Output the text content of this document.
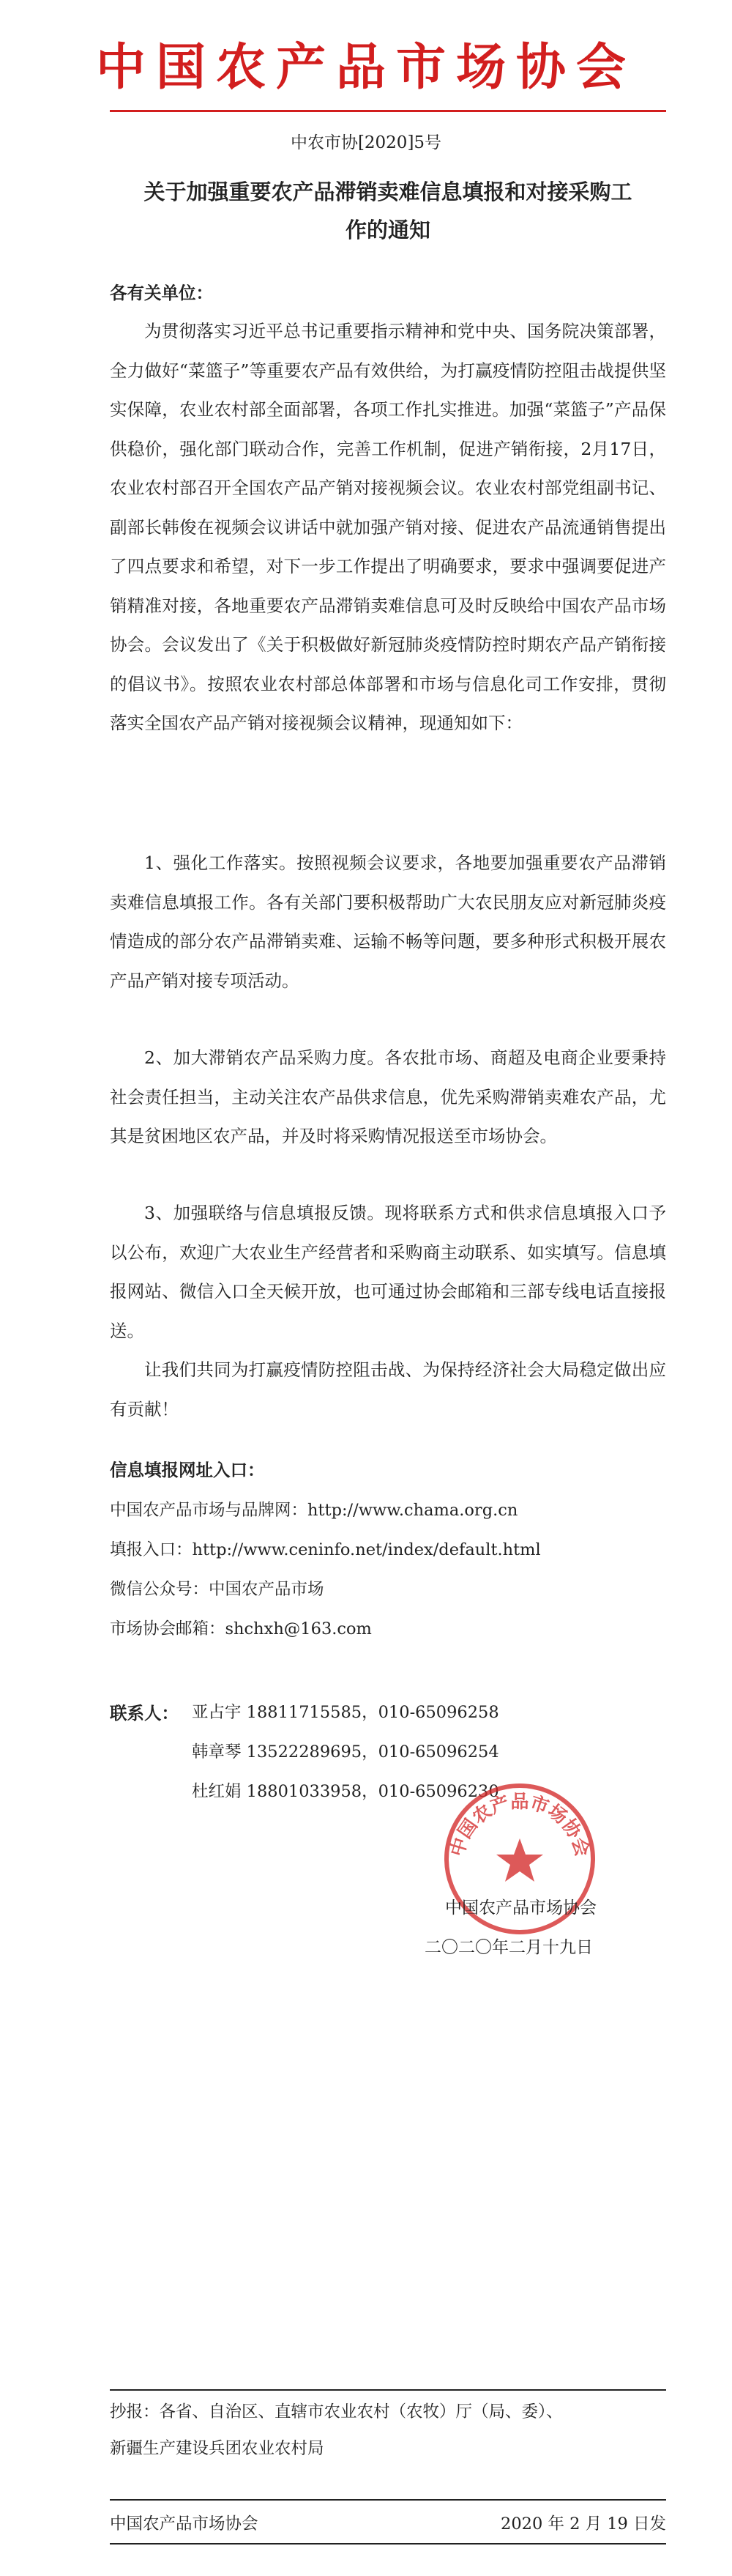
中国农产品市场协会
中农市协[2020]5号
关于加强重要农产品滞销卖难信息填报和对接采购工
作的通知
各有关单位：
为贯彻落实习近平总书记重要指示精神和党中央、国务院决策部署，全力做好“菜篮子”等重要农产品有效供给，为打赢疫情防控阻击战提供坚实保障，农业农村部全面部署，各项工作扎实推进。加强“菜篮子”产品保供稳价，强化部门联动合作，完善工作机制，促进产销衔接，2月17日，农业农村部召开全国农产品产销对接视频会议。农业农村部党组副书记、副部长韩俊在视频会议讲话中就加强产销对接、促进农产品流通销售提出了四点要求和希望，对下一步工作提出了明确要求，要求中强调要促进产销精准对接，各地重要农产品滞销卖难信息可及时反映给中国农产品市场协会。会议发出了《关于积极做好新冠肺炎疫情防控时期农产品产销衔接的倡议书》。按照农业农村部总体部署和市场与信息化司工作安排，贯彻落实全国农产品产销对接视频会议精神，现通知如下：
1、强化工作落实。按照视频会议要求，各地要加强重要农产品滞销卖难信息填报工作。各有关部门要积极帮助广大农民朋友应对新冠肺炎疫情造成的部分农产品滞销卖难、运输不畅等问题，要多种形式积极开展农产品产销对接专项活动。
2、加大滞销农产品采购力度。各农批市场、商超及电商企业要秉持社会责任担当，主动关注农产品供求信息，优先采购滞销卖难农产品，尤其是贫困地区农产品，并及时将采购情况报送至市场协会。
3、加强联络与信息填报反馈。现将联系方式和供求信息填报入口予以公布，欢迎广大农业生产经营者和采购商主动联系、如实填写。信息填报网站、微信入口全天候开放，也可通过协会邮箱和三部专线电话直接报送。
让我们共同为打赢疫情防控阻击战、为保持经济社会大局稳定做出应有贡献！
信息填报网址入口：
中国农产品市场与品牌网：http://www.chama.org.cn
填报入口：http://www.ceninfo.net/index/default.html
微信公众号：中国农产品市场
市场协会邮箱：shchxh@163.com
联系人： 亚占宇 18811715585，010-65096258
韩章琴 13522289695，010-65096254
杜红娟 18801033958，010-65096230
中国农产品市场协会
中国农产品市场协会
二〇二〇年二月十九日
抄报：各省、自治区、直辖市农业农村（农牧）厅（局、委）、
新疆生产建设兵团农业农村局
中国农产品市场协会	2020 年 2 月 19 日发
